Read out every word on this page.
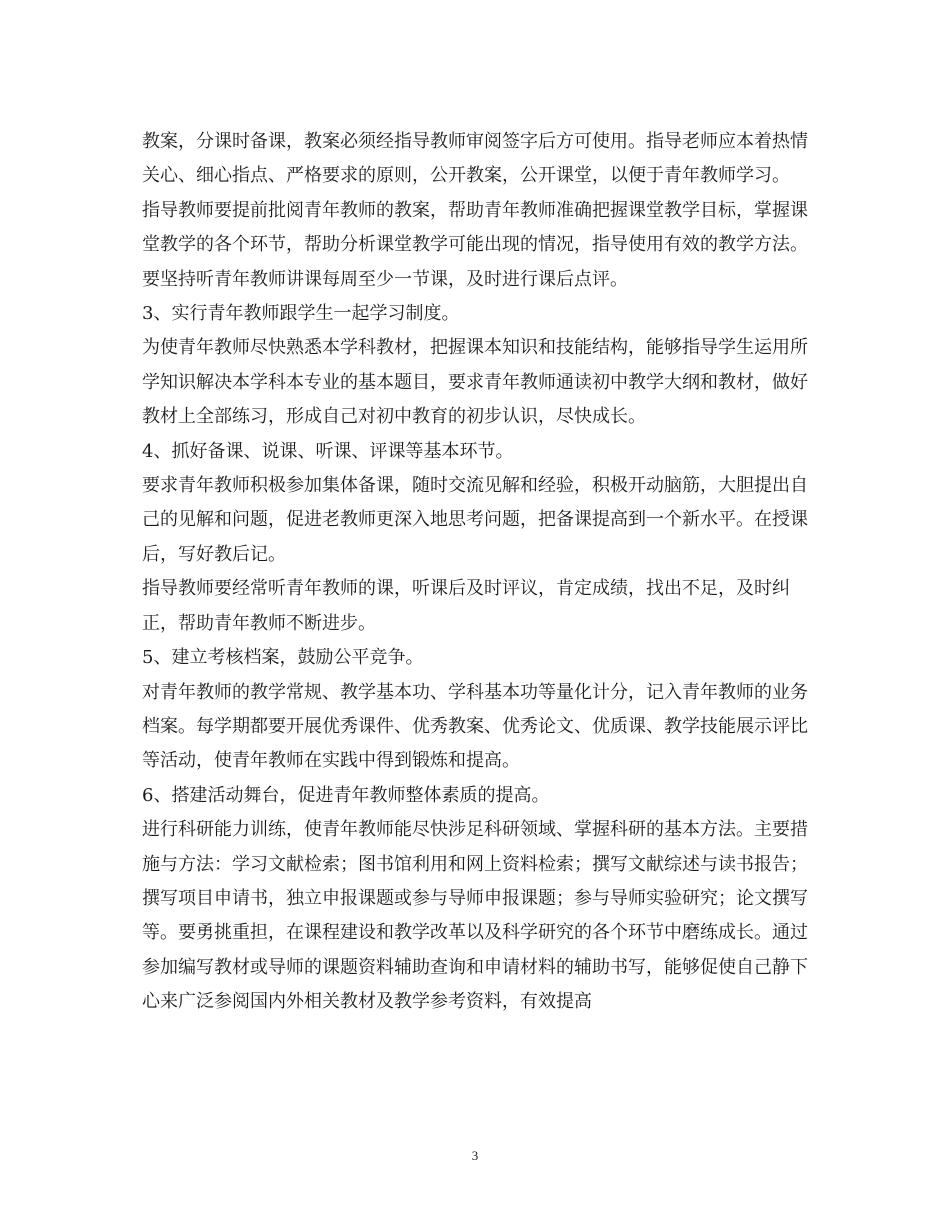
教案，分课时备课，教案必须经指导教师审阅签字后方可使用。指导老师应本着热情关心、细心指点、严格要求的原则，公开教案，公开课堂，以便于青年教师学习。

指导教师要提前批阅青年教师的教案，帮助青年教师准确把握课堂教学目标，掌握课堂教学的各个环节，帮助分析课堂教学可能出现的情况，指导使用有效的教学方法。要坚持听青年教师讲课每周至少一节课，及时进行课后点评。

3、实行青年教师跟学生一起学习制度。

为使青年教师尽快熟悉本学科教材，把握课本知识和技能结构，能够指导学生运用所学知识解决本学科本专业的基本题目，要求青年教师通读初中教学大纲和教材，做好教材上全部练习，形成自己对初中教育的初步认识，尽快成长。

4、抓好备课、说课、听课、评课等基本环节。

要求青年教师积极参加集体备课，随时交流见解和经验，积极开动脑筋，大胆提出自己的见解和问题，促进老教师更深入地思考问题，把备课提高到一个新水平。在授课后，写好教后记。

指导教师要经常听青年教师的课，听课后及时评议，肯定成绩，找出不足，及时纠正，帮助青年教师不断进步。

5、建立考核档案，鼓励公平竞争。

对青年教师的教学常规、教学基本功、学科基本功等量化计分，记入青年教师的业务档案。每学期都要开展优秀课件、优秀教案、优秀论文、优质课、教学技能展示评比等活动，使青年教师在实践中得到锻炼和提高。

6、搭建活动舞台，促进青年教师整体素质的提高。

进行科研能力训练，使青年教师能尽快涉足科研领域、掌握科研的基本方法。主要措施与方法：学习文献检索；图书馆利用和网上资料检索；撰写文献综述与读书报告；撰写项目申请书，独立申报课题或参与导师申报课题；参与导师实验研究；论文撰写等。要勇挑重担，在课程建设和教学改革以及科学研究的各个环节中磨练成长。通过参加编写教材或导师的课题资料辅助查询和申请材料的辅助书写，能够促使自己静下心来广泛参阅国内外相关教材及教学参考资料，有效提高

3
